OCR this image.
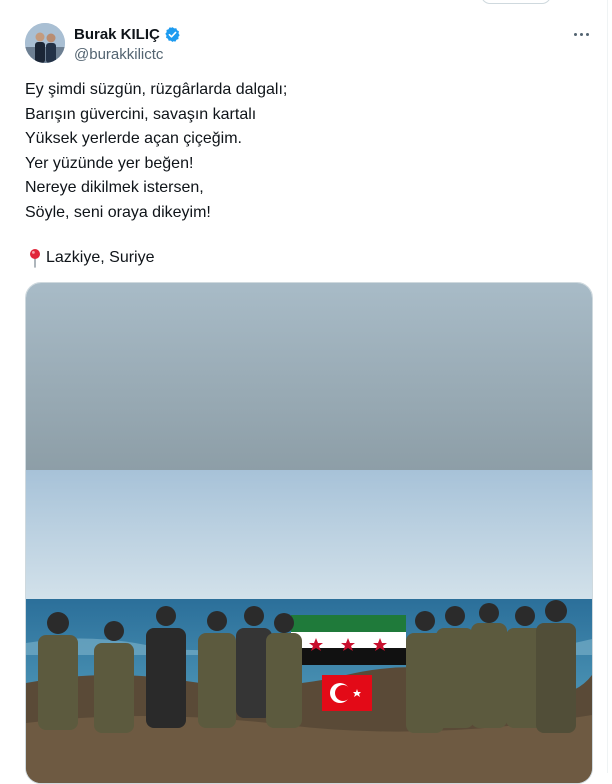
Burak KILIÇ
@burakkilictc
Ey şimdi süzgün, rüzgârlarda dalgalı;
Barışın güvercini, savaşın kartalı
Yüksek yerlerde açan çiçeğim.
Yer yüzünde yer beğen!
Nereye dikilmek istersen,
Söyle, seni oraya dikeyim!
Lazkiye, Suriye
